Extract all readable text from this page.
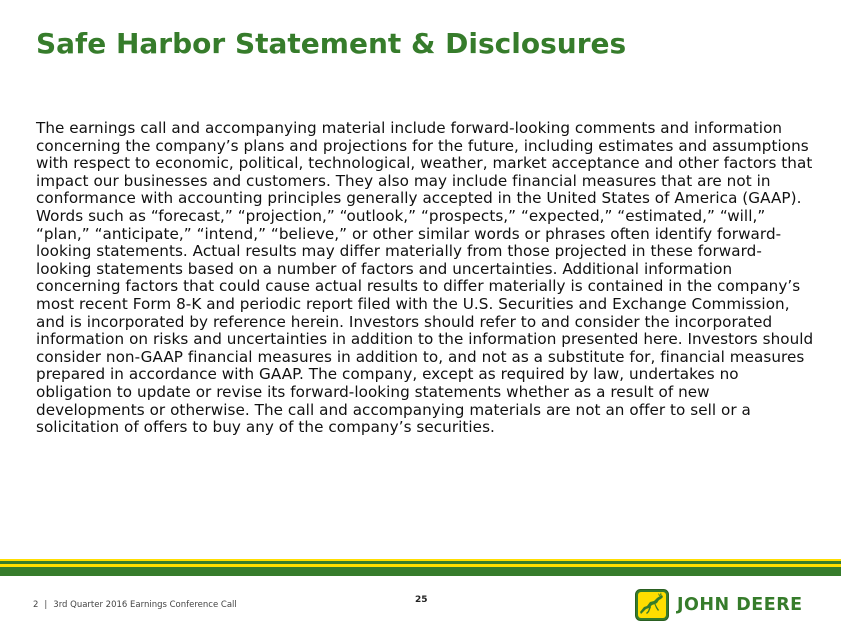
Safe Harbor Statement & Disclosures

The earnings call and accompanying material include forward-looking comments and information concerning the company’s plans and projections for the future, including estimates and assumptions with respect to economic, political, technological, weather, market acceptance and other factors that impact our businesses and customers. They also may include financial measures that are not in conformance with accounting principles generally accepted in the United States of America (GAAP). Words such as “forecast,” “projection,” “outlook,” “prospects,” “expected,” “estimated,” “will,” “plan,” “anticipate,” “intend,” “believe,” or other similar words or phrases often identify forward-looking statements. Actual results may differ materially from those projected in these forward-looking statements based on a number of factors and uncertainties. Additional information concerning factors that could cause actual results to differ materially is contained in the company’s most recent Form 8-K and periodic report filed with the U.S. Securities and Exchange Commission, and is incorporated by reference herein. Investors should refer to and consider the incorporated information on risks and uncertainties in addition to the information presented here. Investors should consider non-GAAP financial measures in addition to, and not as a substitute for, financial measures prepared in accordance with GAAP. The company, except as required by law, undertakes no obligation to update or revise its forward-looking statements whether as a result of new developments or otherwise. The call and accompanying materials are not an offer to sell or a solicitation of offers to buy any of the company’s securities.

2 | 3rd Quarter 2016 Earnings Conference Call	25	JOHN DEERE
